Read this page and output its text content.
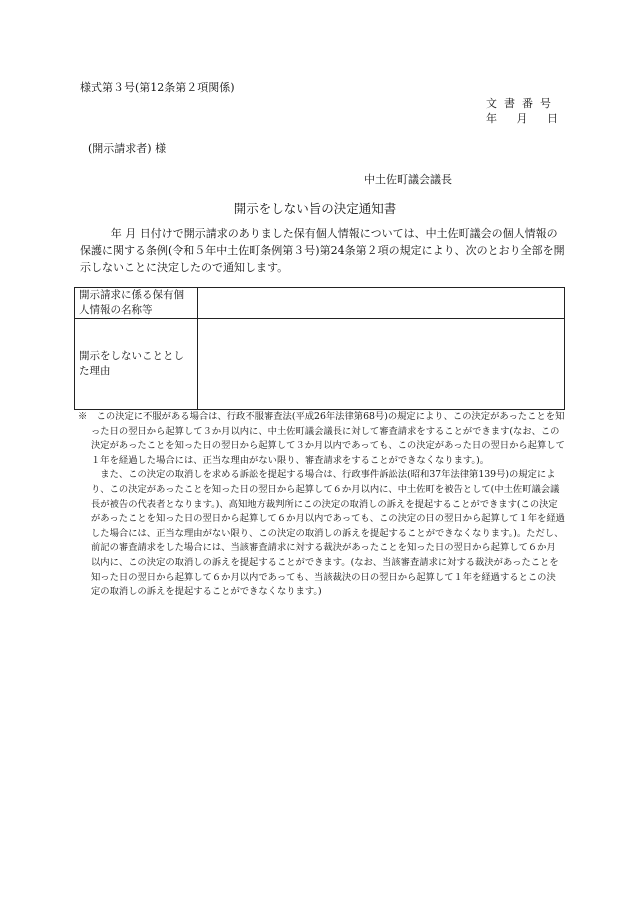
様式第３号(第12条第２項関係)
文書番号
年 月 日
(開示請求者) 様
中土佐町議会議長
開示をしない旨の決定通知書
年 月 日付けで開示請求のありました保有個人情報については、中土佐町議会の個人情報の保護に関する条例(令和５年中土佐町条例第３号)第24条第２項の規定により、次のとおり全部を開示しないことに決定したので通知します。
開示請求に係る保有個人情報の名称等	
開示をしないこととした理由	

※　この決定に不服がある場合は、行政不服審査法(平成26年法律第68号)の規定により、この決定があったことを知った日の翌日から起算して３か月以内に、中土佐町議会議長に対して審査請求をすることができます(なお、この決定があったことを知った日の翌日から起算して３か月以内であっても、この決定があった日の翌日から起算して１年を経過した場合には、正当な理由がない限り、審査請求をすることができなくなります。)。

また、この決定の取消しを求める訴訟を提起する場合は、行政事件訴訟法(昭和37年法律第139号)の規定により、この決定があったことを知った日の翌日から起算して６か月以内に、中土佐町を被告として(中土佐町議会議長が被告の代表者となります。)、高知地方裁判所にこの決定の取消しの訴えを提起することができます(この決定があったことを知った日の翌日から起算して６か月以内であっても、この決定の日の翌日から起算して１年を経過した場合には、正当な理由がない限り、この決定の取消しの訴えを提起することができなくなります。)。ただし、前記の審査請求をした場合には、当該審査請求に対する裁決があったことを知った日の翌日から起算して６か月以内に、この決定の取消しの訴えを提起することができます。(なお、当該審査請求に対する裁決があったことを知った日の翌日から起算して６か月以内であっても、当該裁決の日の翌日から起算して１年を経過するとこの決定の取消しの訴えを提起することができなくなります。)
